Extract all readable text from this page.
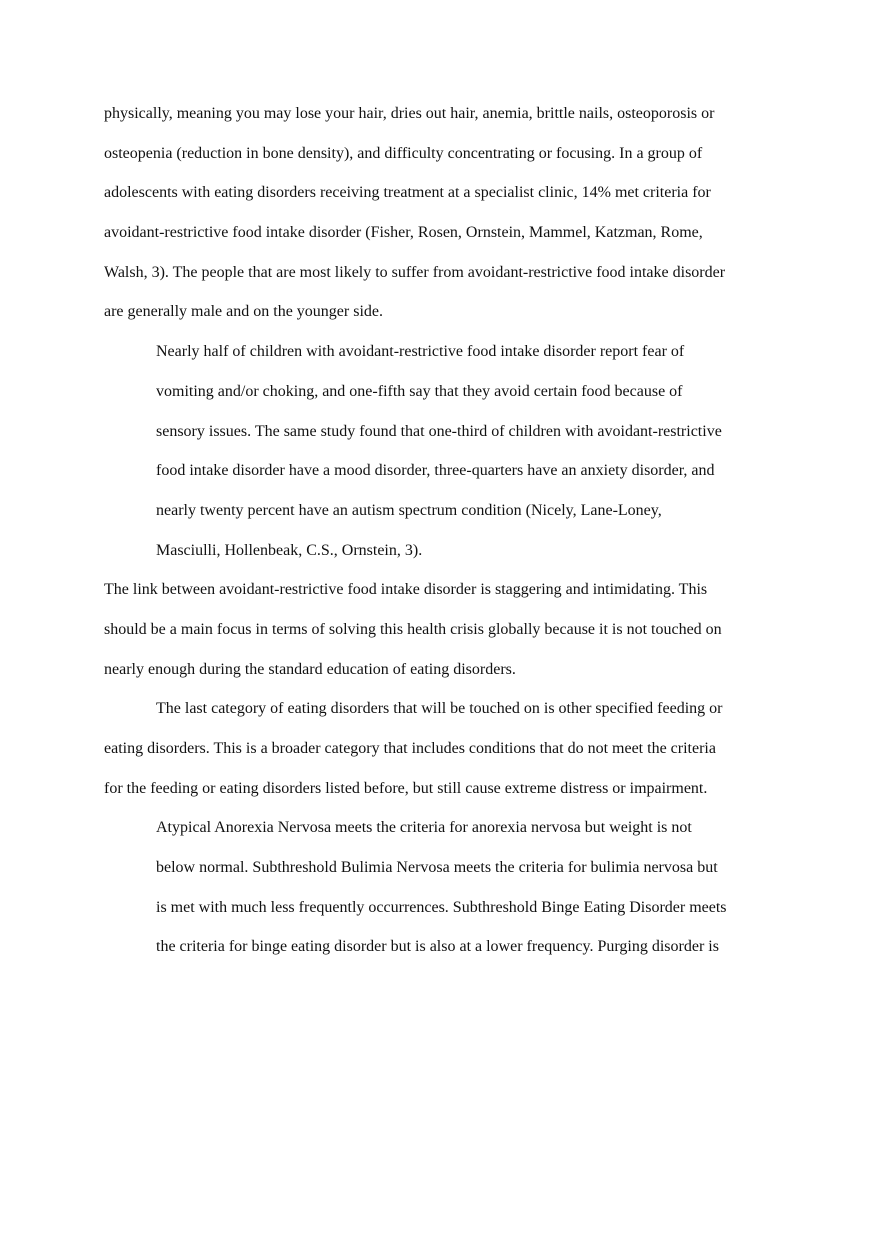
physically, meaning you may lose your hair, dries out hair, anemia, brittle nails, osteoporosis or
osteopenia (reduction in bone density), and difficulty concentrating or focusing. In a group of
adolescents with eating disorders receiving treatment at a specialist clinic, 14% met criteria for
avoidant-restrictive food intake disorder (Fisher, Rosen, Ornstein, Mammel, Katzman, Rome,
Walsh, 3). The people that are most likely to suffer from avoidant-restrictive food intake disorder
are generally male and on the younger side.
Nearly half of children with avoidant-restrictive food intake disorder report fear of
vomiting and/or choking, and one-fifth say that they avoid certain food because of
sensory issues. The same study found that one-third of children with avoidant-restrictive
food intake disorder have a mood disorder, three-quarters have an anxiety disorder, and
nearly twenty percent have an autism spectrum condition (Nicely, Lane-Loney,
Masciulli, Hollenbeak, C.S., Ornstein, 3).
The link between avoidant-restrictive food intake disorder is staggering and intimidating. This
should be a main focus in terms of solving this health crisis globally because it is not touched on
nearly enough during the standard education of eating disorders.
The last category of eating disorders that will be touched on is other specified feeding or
eating disorders. This is a broader category that includes conditions that do not meet the criteria
for the feeding or eating disorders listed before, but still cause extreme distress or impairment.
Atypical Anorexia Nervosa meets the criteria for anorexia nervosa but weight is not
below normal. Subthreshold Bulimia Nervosa meets the criteria for bulimia nervosa but
is met with much less frequently occurrences. Subthreshold Binge Eating Disorder meets
the criteria for binge eating disorder but is also at a lower frequency. Purging disorder is
